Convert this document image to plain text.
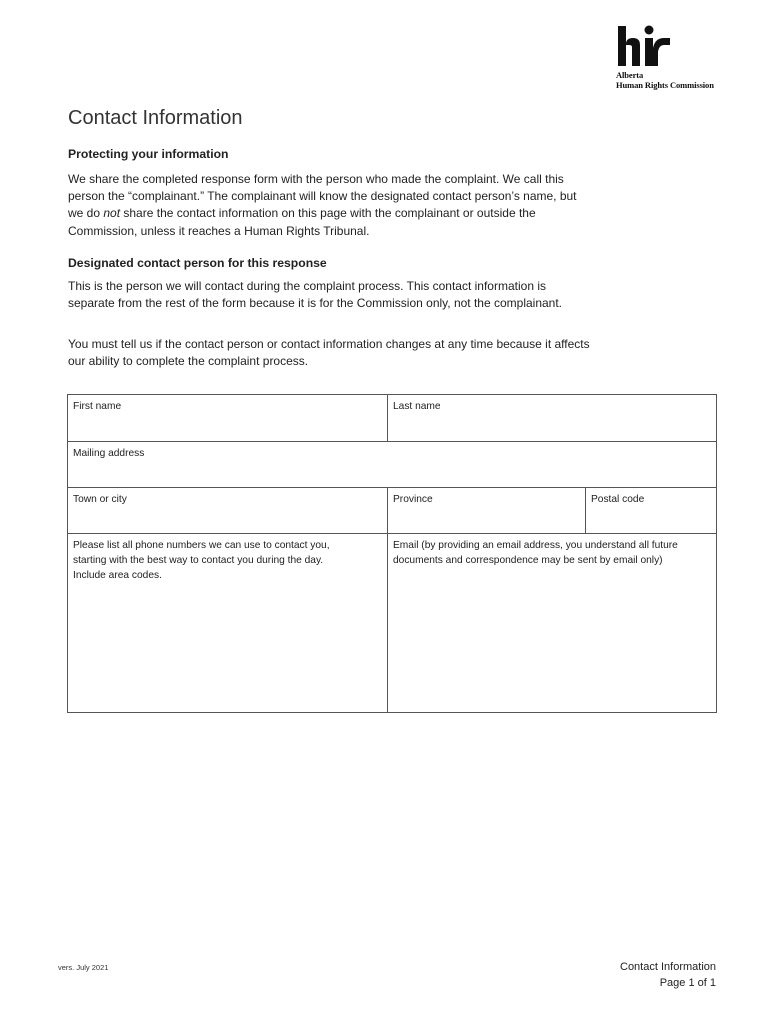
Alberta
Human Rights Commission
Contact Information
Protecting your information

We share the completed response form with the person who made the complaint. We call this person the “complainant.” The complainant will know the designated contact person’s name, but we do not share the contact information on this page with the complainant or outside the Commission, unless it reaches a Human Rights Tribunal.

Designated contact person for this response

This is the person we will contact during the complaint process. This contact information is separate from the rest of the form because it is for the Commission only, not the complainant.

You must tell us if the contact person or contact information changes at any time because it affects our ability to complete the complaint process.

First name	Last name
Mailing address
Town or city	Province	Postal code
Please list all phone numbers we can use to contact you, starting with the best way to contact you during the day. Include area codes.
Email (by providing an email address, you understand all future documents and correspondence may be sent by email only)
vers. July 2021	Contact Information
Page 1 of 1
